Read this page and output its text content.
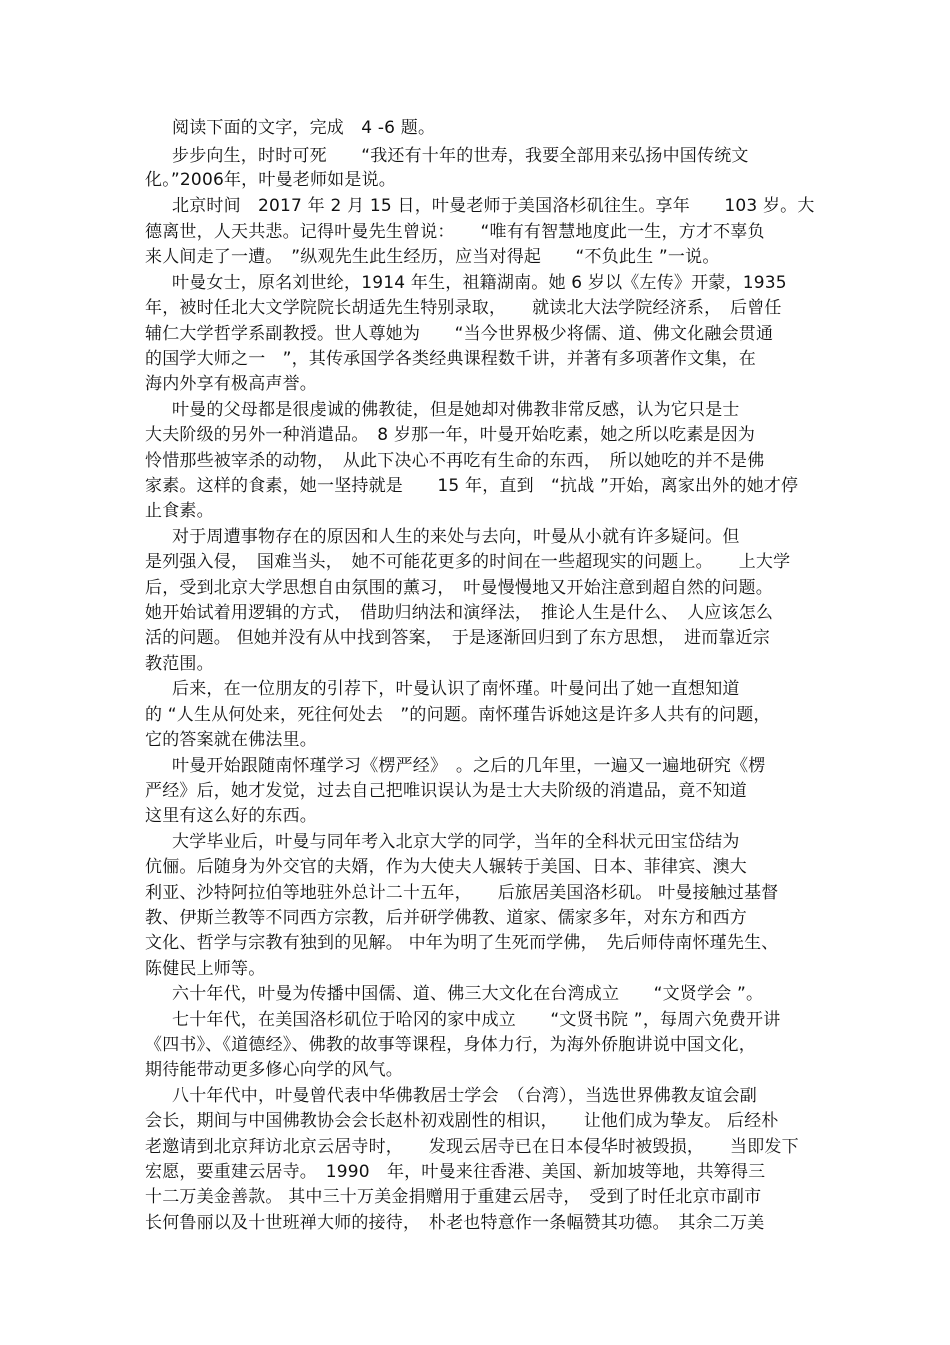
阅读下面的文字，完成　4 -6 题。
步步向生，时时可死　　“我还有十年的世寿，我要全部用来弘扬中国传统文
化。”2006年，叶曼老师如是说。
北京时间　2017 年 2 月 15 日，叶曼老师于美国洛杉矶往生。享年　　103 岁。大
德离世，人天共悲。记得叶曼先生曾说：　　“唯有有智慧地度此一生，方才不辜负
来人间走了一遭。　”纵观先生此生经历，应当对得起　　“不负此生 ”一说。
叶曼女士，原名刘世纶，1914 年生，祖籍湖南。她 6 岁以《左传》开蒙，1935
年，被时任北大文学院院长胡适先生特别录取，　　就读北大法学院经济系，　后曾任
辅仁大学哲学系副教授。世人尊她为　　“当今世界极少将儒、道、佛文化融会贯通
的国学大师之一　”，其传承国学各类经典课程数千讲，并著有多项著作文集，在
海内外享有极高声誉。
叶曼的父母都是很虔诚的佛教徒，但是她却对佛教非常反感，认为它只是士
大夫阶级的另外一种消遣品。　8 岁那一年，叶曼开始吃素，她之所以吃素是因为
怜惜那些被宰杀的动物，　从此下决心不再吃有生命的东西，　所以她吃的并不是佛
家素。这样的食素，她一坚持就是　　15 年，直到　“抗战 ”开始，离家出外的她才停
止食素。
对于周遭事物存在的原因和人生的来处与去向，叶曼从小就有许多疑问。但
是列强入侵，　国难当头，　她不可能花更多的时间在一些超现实的问题上。　　上大学
后，受到北京大学思想自由氛围的薰习，　叶曼慢慢地又开始注意到超自然的问题。
她开始试着用逻辑的方式，　借助归纳法和演绎法，　推论人生是什么、　人应该怎么
活的问题。 但她并没有从中找到答案，　于是逐渐回归到了东方思想，　进而靠近宗
教范围。
后来，在一位朋友的引荐下，叶曼认识了南怀瑾。叶曼问出了她一直想知道
的 “人生从何处来，死往何处去　”的问题。南怀瑾告诉她这是许多人共有的问题，
它的答案就在佛法里。
叶曼开始跟随南怀瑾学习《楞严经》　。之后的几年里，一遍又一遍地研究《楞
严经》后，她才发觉，过去自己把唯识误认为是士大夫阶级的消遣品，竟不知道
这里有这么好的东西。
大学毕业后，叶曼与同年考入北京大学的同学，当年的全科状元田宝岱结为
伉俪。后随身为外交官的夫婿，作为大使夫人辗转于美国、日本、菲律宾、澳大
利亚、沙特阿拉伯等地驻外总计二十五年，　　后旅居美国洛杉矶。 叶曼接触过基督
教、伊斯兰教等不同西方宗教，后并研学佛教、道家、儒家多年，对东方和西方
文化、哲学与宗教有独到的见解。 中年为明了生死而学佛，　先后师侍南怀瑾先生、
陈健民上师等。
六十年代，叶曼为传播中国儒、道、佛三大文化在台湾成立　　“文贤学会 ”。
七十年代，在美国洛杉矶位于哈冈的家中成立　　“文贤书院 ”，每周六免费开讲
《四书》、《道德经》、佛教的故事等课程，身体力行，为海外侨胞讲说中国文化，
期待能带动更多修心向学的风气。
八十年代中，叶曼曾代表中华佛教居士学会　（台湾），当选世界佛教友谊会副
会长，期间与中国佛教协会会长赵朴初戏剧性的相识，　　让他们成为挚友。 后经朴
老邀请到北京拜访北京云居寺时，　　发现云居寺已在日本侵华时被毁损，　　当即发下
宏愿，要重建云居寺。　1990　年，叶曼来往香港、美国、新加坡等地，共筹得三
十二万美金善款。 其中三十万美金捐赠用于重建云居寺，　受到了时任北京市副市
长何鲁丽以及十世班禅大师的接待，　朴老也特意作一条幅赞其功德。　其余二万美
